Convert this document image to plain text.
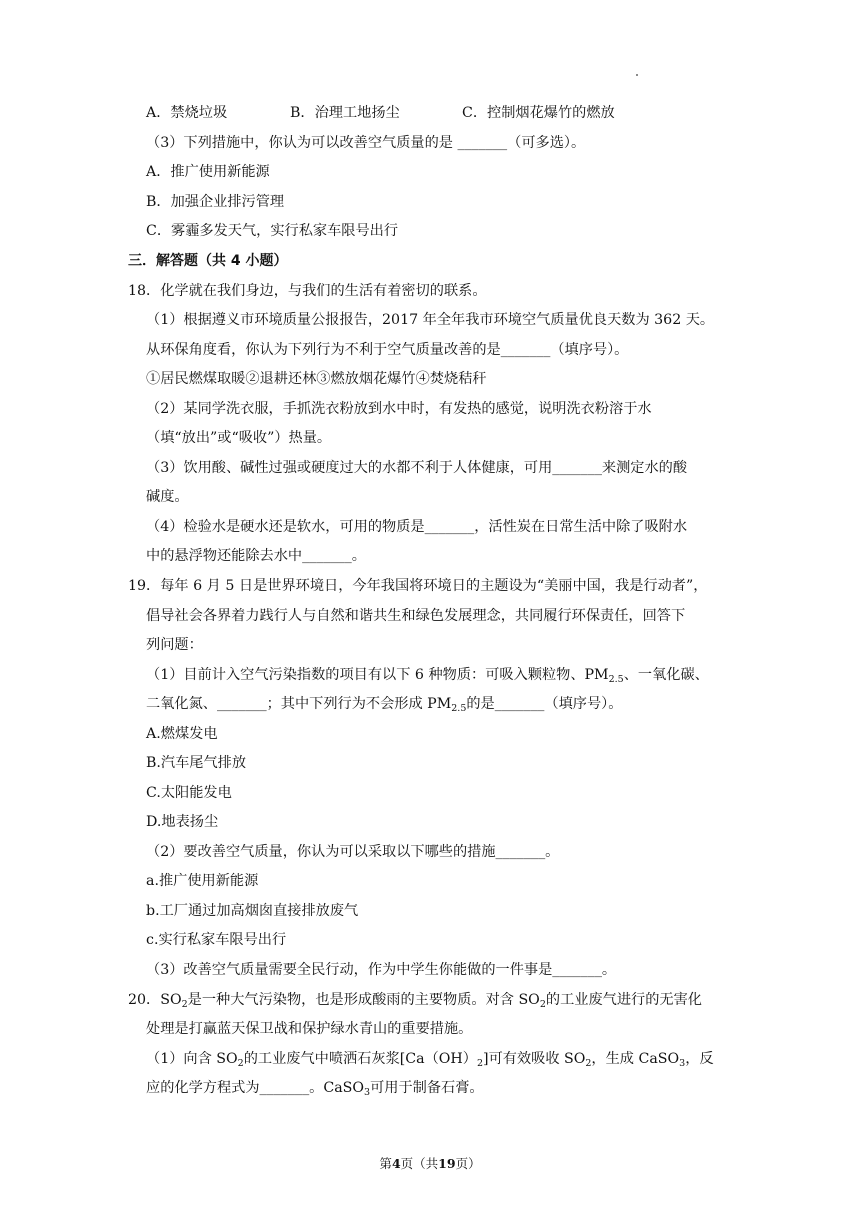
A．禁烧垃圾	B．治理工地扬尘	C．控制烟花爆竹的燃放
（3）下列措施中，你认为可以改善空气质量的是 _______（可多选）。
A．推广使用新能源
B．加强企业排污管理
C．雾霾多发天气，实行私家车限号出行
三．解答题（共 4 小题）
18．化学就在我们身边，与我们的生活有着密切的联系。
（1）根据遵义市环境质量公报报告，2017 年全年我市环境空气质量优良天数为 362 天。
从环保角度看，你认为下列行为不利于空气质量改善的是_______（填序号）。
①居民燃煤取暖②退耕还林③燃放烟花爆竹④焚烧秸秆
（2）某同学洗衣服，手抓洗衣粉放到水中时，有发热的感觉，说明洗衣粉溶于水
（填“放出”或“吸收”）热量。
（3）饮用酸、碱性过强或硬度过大的水都不利于人体健康，可用_______来测定水的酸
碱度。
（4）检验水是硬水还是软水，可用的物质是_______，活性炭在日常生活中除了吸附水
中的悬浮物还能除去水中_______。
19．每年 6 月 5 日是世界环境日，今年我国将环境日的主题设为“美丽中国，我是行动者”，
倡导社会各界着力践行人与自然和谐共生和绿色发展理念，共同履行环保责任，回答下
列问题：
（1）目前计入空气污染指数的项目有以下 6 种物质：可吸入颗粒物、$PM_{2.5}$、一氧化碳、
二氧化氮、_______；其中下列行为不会形成 $PM_{2.5}$的是_______（填序号）。
A.燃煤发电
B.汽车尾气排放
C.太阳能发电
D.地表扬尘
（2）要改善空气质量，你认为可以采取以下哪些的措施_______。
a.推广使用新能源
b.工厂通过加高烟囱直接排放废气
c.实行私家车限号出行
（3）改善空气质量需要全民行动，作为中学生你能做的一件事是_______。
20．$SO_2$是一种大气污染物，也是形成酸雨的主要物质。对含 $SO_2$的工业废气进行的无害化
处理是打赢蓝天保卫战和保护绿水青山的重要措施。
（1）向含 $SO_2$的工业废气中喷洒石灰浆$[Ca(OH)_2]$可有效吸收 $SO_2$，生成 CaSO$_3$，反
应的化学方程式为_______。CaSO$_3$可用于制备石膏。
第4页（共19页）
